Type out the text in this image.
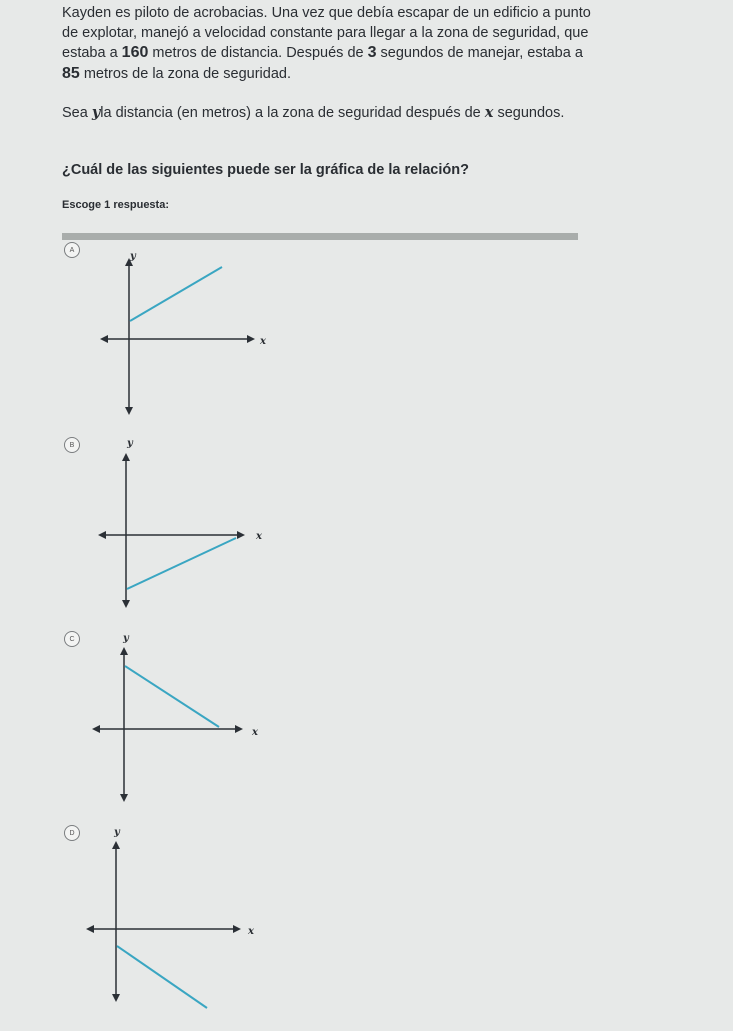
Kayden es piloto de acrobacias. Una vez que debía escapar de un edificio a punto de explotar, manejó a velocidad constante para llegar a la zona de seguridad, que estaba a 160 metros de distancia. Después de 3 segundos de manejar, estaba a 85 metros de la zona de seguridad.

Sea yla distancia (en metros) a la zona de seguridad después de x segundos.

¿Cuál de las siguientes puede ser la gráfica de la relación?

Escoge 1 respuesta:

A
y
x
B	y
x
C	y
x
D	y
x
